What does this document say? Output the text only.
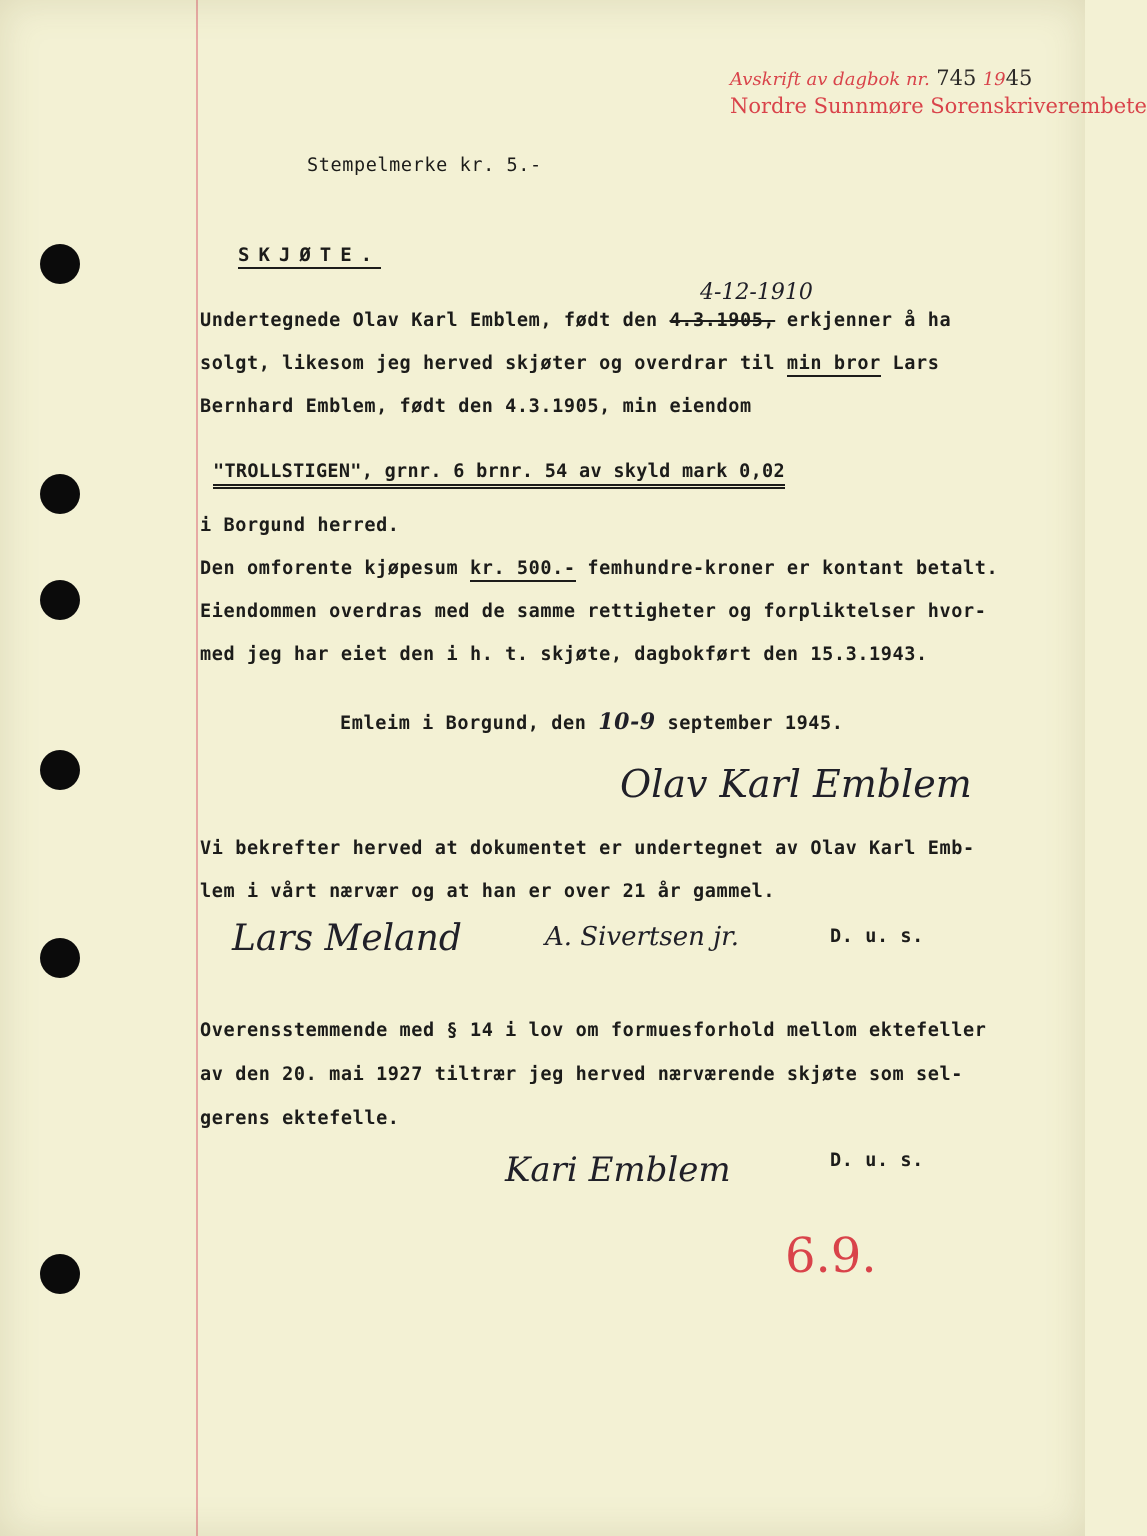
Avskrift av dagbok nr. 745 1945
Nordre Sunnmøre Sorenskriverembete
Stempelmerke kr. 5.-
SKJØTE.
4-12-1910
Undertegnede Olav Karl Emblem, født den 4.3.1905, erkjenner å ha
solgt, likesom jeg herved skjøter og overdrar til min bror Lars
Bernhard Emblem, født den 4.3.1905, min eiendom
"TROLLSTIGEN", grnr. 6 brnr. 54 av skyld mark 0,02
i Borgund herred.
Den omforente kjøpesum kr. 500.- femhundre-kroner er kontant betalt.
Eiendommen overdras med de samme rettigheter og forpliktelser hvor-
med jeg har eiet den i h. t. skjøte, dagbokført den 15.3.1943.
Emleim i Borgund, den 10-9 september 1945.
Olav Karl Emblem
Vi bekrefter herved at dokumentet er undertegnet av Olav Karl Emb-
lem i vårt nærvær og at han er over 21 år gammel.
Lars Meland	A. Sivertsen jr.	D. u. s.
Overensstemmende med § 14 i lov om formuesforhold mellom ektefeller
av den 20. mai 1927 tiltrær jeg herved nærværende skjøte som sel-
gerens ektefelle.
Kari Emblem	D. u. s.
6.9.
